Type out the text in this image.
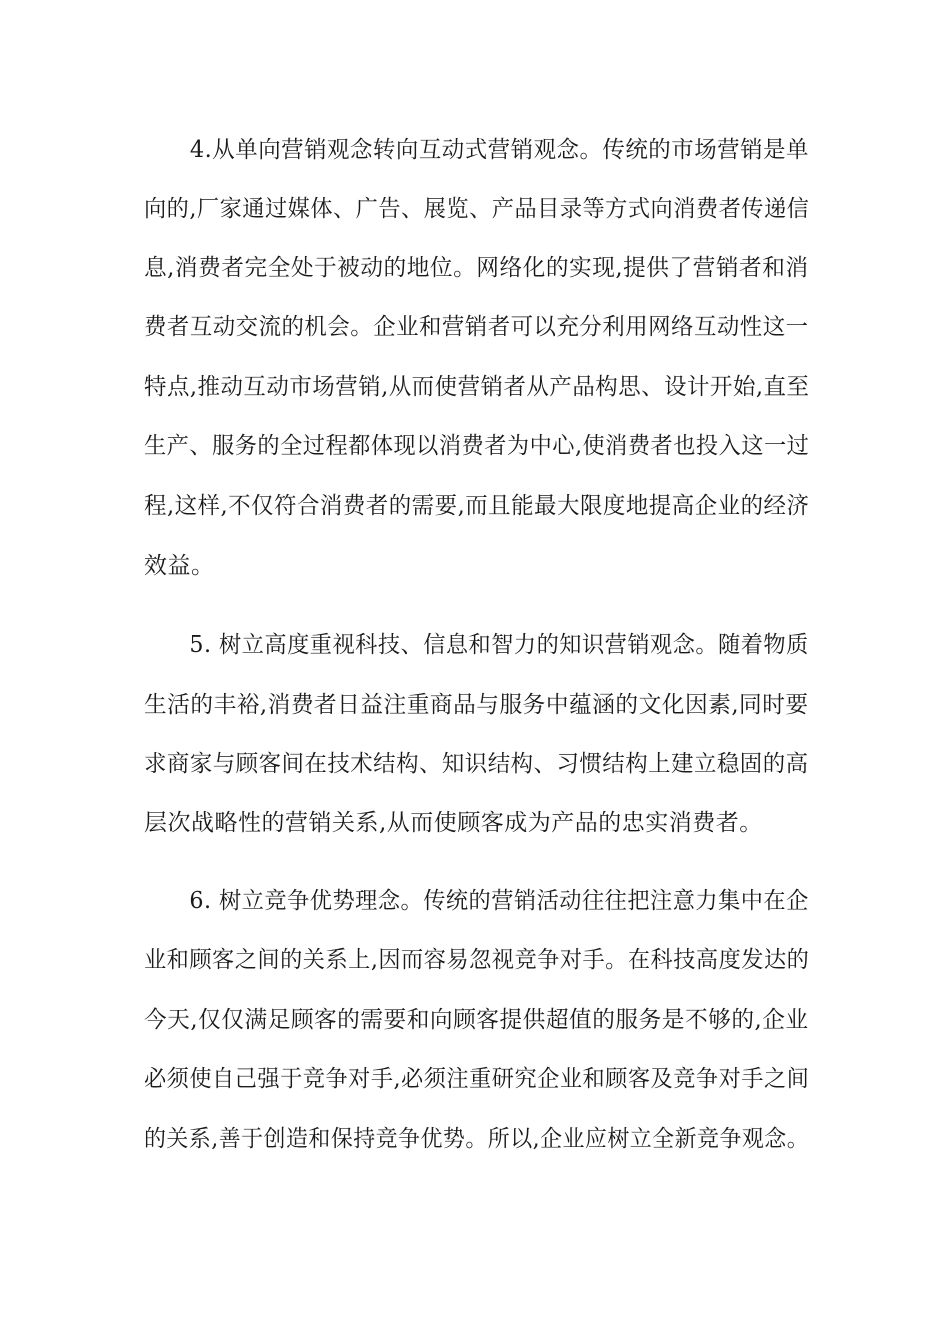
　　4.从单向营销观念转向互动式营销观念。传统的市场营销是单
向的,厂家通过媒体、广告、展览、产品目录等方式向消费者传递信
息,消费者完全处于被动的地位。网络化的实现,提供了营销者和消
费者互动交流的机会。企业和营销者可以充分利用网络互动性这一
特点,推动互动市场营销,从而使营销者从产品构思、设计开始,直至
生产、服务的全过程都体现以消费者为中心,使消费者也投入这一过
程,这样,不仅符合消费者的需要,而且能最大限度地提高企业的经济
效益。
　　5. 树立高度重视科技、信息和智力的知识营销观念。随着物质
生活的丰裕,消费者日益注重商品与服务中蕴涵的文化因素,同时要
求商家与顾客间在技术结构、知识结构、习惯结构上建立稳固的高
层次战略性的营销关系,从而使顾客成为产品的忠实消费者。
　　6. 树立竞争优势理念。传统的营销活动往往把注意力集中在企
业和顾客之间的关系上,因而容易忽视竞争对手。在科技高度发达的
今天,仅仅满足顾客的需要和向顾客提供超值的服务是不够的,企业
必须使自己强于竞争对手,必须注重研究企业和顾客及竞争对手之间
的关系,善于创造和保持竞争优势。所以,企业应树立全新竞争观念。
